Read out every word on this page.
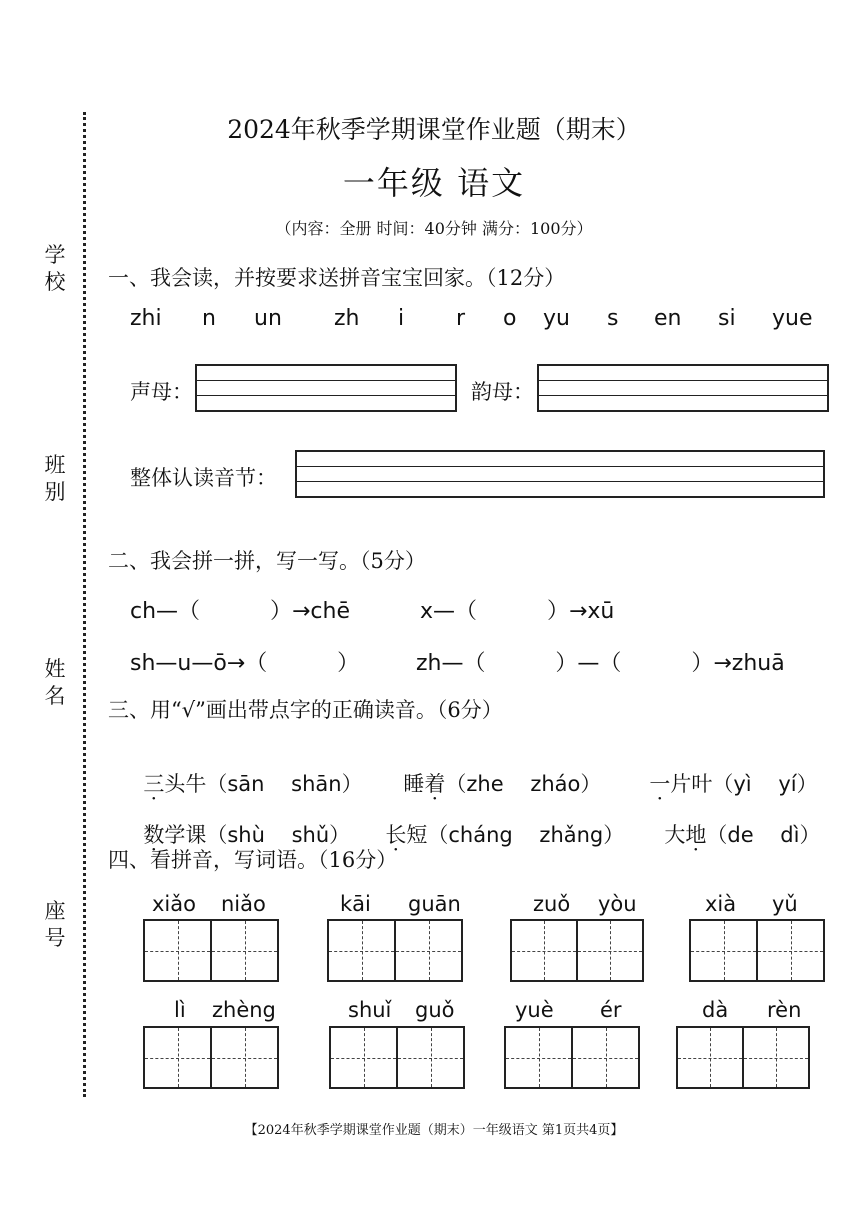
学校
班别
姓名
座号
2024年秋季学期课堂作业题（期末）
一年级 语文
（内容：全册 时间：40分钟 满分：100分）
一、我会读，并按要求送拼音宝宝回家。（12分）
zhi n un zh i r o yu s en si yue
声母：	韵母：
整体认读音节：
二、我会拼一拼，写一写。（5分）
ch—（          ）→chē	x—（          ）→xū
sh—u—ō→（          ）	zh—（          ）—（          ）→zhuā
三、用“√”画出带点字的正确读音。（6分）

三头牛（sān    shān）	睡着（zhe    zháo）	一片叶（yì    yí）

数学课（shù    shǔ）	长短（cháng    zhǎng）	大地（de    dì）

四、看拼音，写词语。（16分）
xiǎo niǎo	kāi guān	zuǒ yòu	xià yǔ
lì zhèng	shuǐ guǒ	yuè ér	dà rèn
【2024年秋季学期课堂作业题（期末）一年级语文 第1页共4页】
